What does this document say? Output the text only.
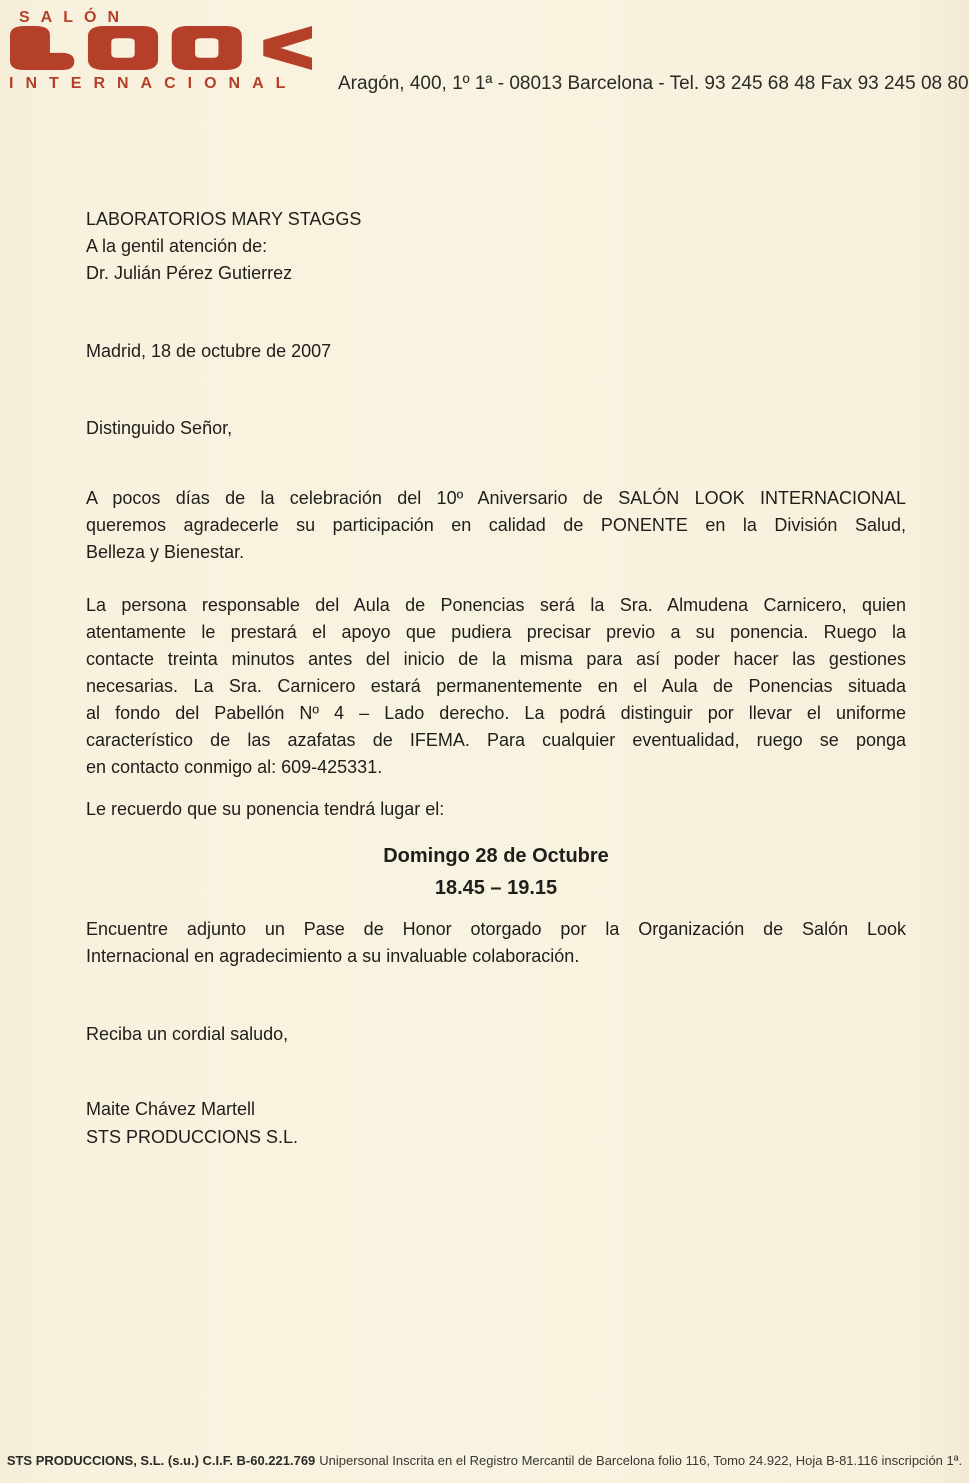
SALÓN
INTERNACIONAL Aragón, 400, 1º 1ª - 08013 Barcelona - Tel. 93 245 68 48 Fax 93 245 08 80
LABORATORIOS MARY STAGGS
A la gentil atención de:
Dr. Julián Pérez Gutierrez
Madrid, 18 de octubre de 2007
Distinguido Señor,
A pocos días de la celebración del 10º Aniversario de SALÓN LOOK INTERNACIONAL
queremos agradecerle su participación en calidad de PONENTE en la División Salud,
Belleza y Bienestar.
La persona responsable del Aula de Ponencias será la Sra. Almudena Carnicero, quien
atentamente le prestará el apoyo que pudiera precisar previo a su ponencia. Ruego la
contacte treinta minutos antes del inicio de la misma para así poder hacer las gestiones
necesarias. La Sra. Carnicero estará permanentemente en el Aula de Ponencias situada
al fondo del Pabellón Nº 4 – Lado derecho. La podrá distinguir por llevar el uniforme
característico de las azafatas de IFEMA. Para cualquier eventualidad, ruego se ponga
en contacto conmigo al: 609-425331.
Le recuerdo que su ponencia tendrá lugar el:
Domingo 28 de Octubre
18.45 – 19.15
Encuentre adjunto un Pase de Honor otorgado por la Organización de Salón Look
Internacional en agradecimiento a su invaluable colaboración.
Reciba un cordial saludo,
Maite Chávez Martell
STS PRODUCCIONS S.L.
STS PRODUCCIONS, S.L. (s.u.) C.I.F. B-60.221.769 Unipersonal Inscrita en el Registro Mercantil de Barcelona folio 116, Tomo 24.922, Hoja B-81.116 inscripción 1ª.
